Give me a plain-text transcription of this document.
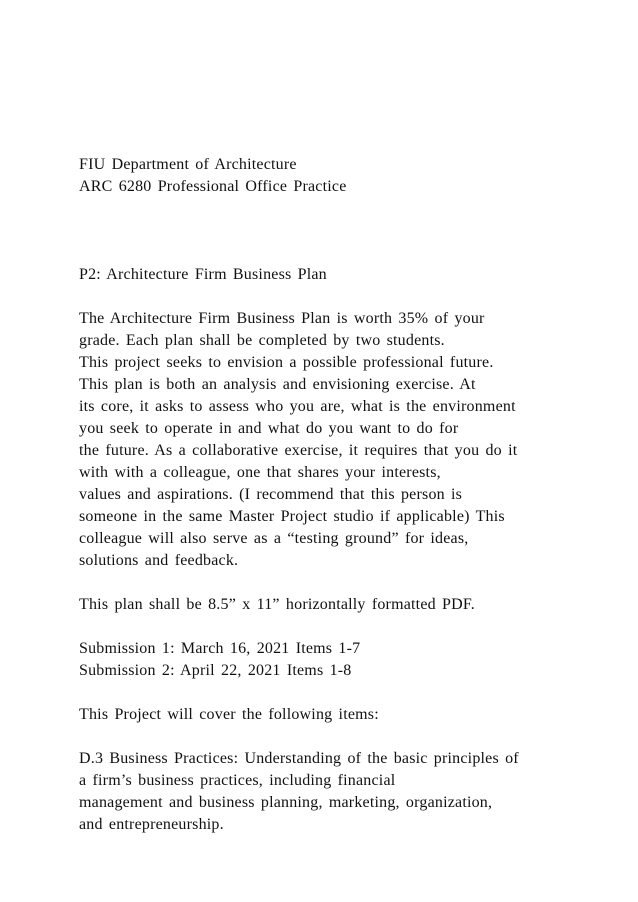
FIU Department of Architecture
ARC 6280 Professional Office Practice
P2: Architecture Firm Business Plan
The Architecture Firm Business Plan is worth 35% of your
grade. Each plan shall be completed by two students.
This project seeks to envision a possible professional future.
This plan is both an analysis and envisioning exercise. At
its core, it asks to assess who you are, what is the environment
you seek to operate in and what do you want to do for
the future. As a collaborative exercise, it requires that you do it
with with a colleague, one that shares your interests,
values and aspirations. (I recommend that this person is
someone in the same Master Project studio if applicable) This
colleague will also serve as a “testing ground” for ideas,
solutions and feedback.
This plan shall be 8.5” x 11” horizontally formatted PDF.
Submission 1: March 16, 2021 Items 1-7
Submission 2: April 22, 2021 Items 1-8
This Project will cover the following items:
D.3 Business Practices: Understanding of the basic principles of
a firm’s business practices, including financial
management and business planning, marketing, organization,
and entrepreneurship.
